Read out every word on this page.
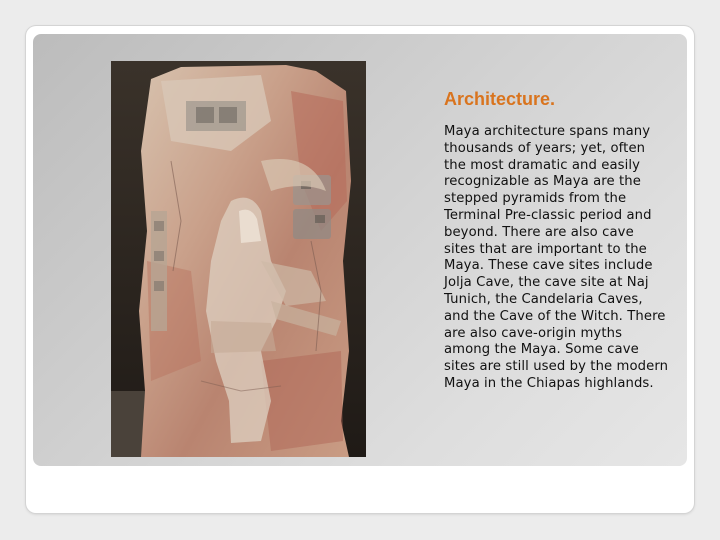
Architecture.

Maya architecture spans many thousands of years; yet, often the most dramatic and easily recognizable as Maya are the stepped pyramids from the Terminal Pre-classic period and beyond. There are also cave sites that are important to the Maya. These cave sites include Jolja Cave, the cave site at Naj Tunich, the Candelaria Caves, and the Cave of the Witch. There are also cave-origin myths among the Maya. Some cave sites are still used by the modern Maya in the Chiapas highlands.
